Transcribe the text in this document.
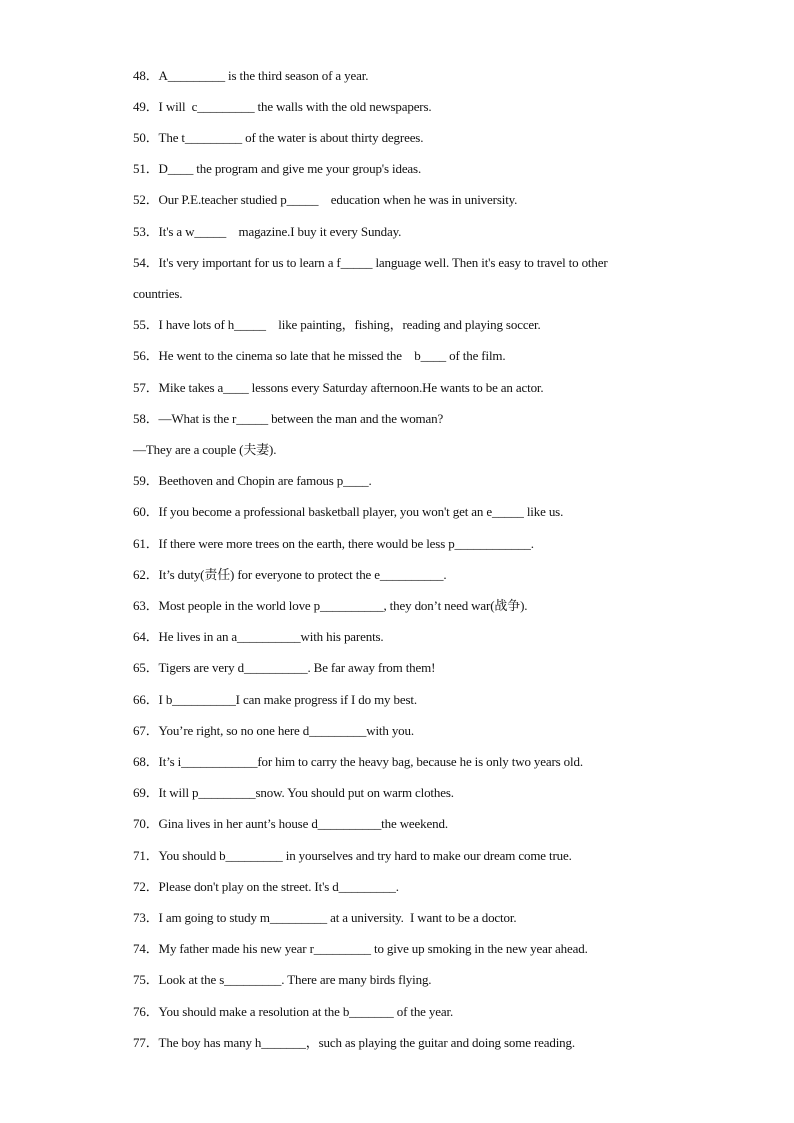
48．A_________ is the third season of a year.
49．I will  c_________ the walls with the old newspapers.
50．The t_________ of the water is about thirty degrees.
51．D____ the program and give me your group's ideas.
52．Our P.E.teacher studied p_____    education when he was in university.
53．It's a w_____    magazine.I buy it every Sunday.
54．It's very important for us to learn a f_____ language well. Then it's easy to travel to other
countries.
55．I have lots of h_____    like painting，fishing，reading and playing soccer.
56．He went to the cinema so late that he missed the    b____ of the film.
57．Mike takes a____ lessons every Saturday afternoon.He wants to be an actor.
58．—What is the r_____ between the man and the woman?
—They are a couple (夫妻).
59．Beethoven and Chopin are famous p____.
60．If you become a professional basketball player, you won't get an e_____ like us.
61．If there were more trees on the earth, there would be less p____________.
62．It’s duty(责任) for everyone to protect the e__________.
63．Most people in the world love p__________, they don’t need war(战争).
64．He lives in an a__________with his parents.
65．Tigers are very d__________. Be far away from them!
66．I b__________I can make progress if I do my best.
67．You’re right, so no one here d_________with you.
68．It’s i____________for him to carry the heavy bag, because he is only two years old.
69．It will p_________snow. You should put on warm clothes.
70．Gina lives in her aunt’s house d__________the weekend.
71．You should b_________ in yourselves and try hard to make our dream come true.
72．Please don't play on the street. It's d_________.
73．I am going to study m_________ at a university.  I want to be a doctor.
74．My father made his new year r_________ to give up smoking in the new year ahead.
75．Look at the s_________. There are many birds flying.
76．You should make a resolution at the b_______ of the year.
77．The boy has many h_______，such as playing the guitar and doing some reading.
